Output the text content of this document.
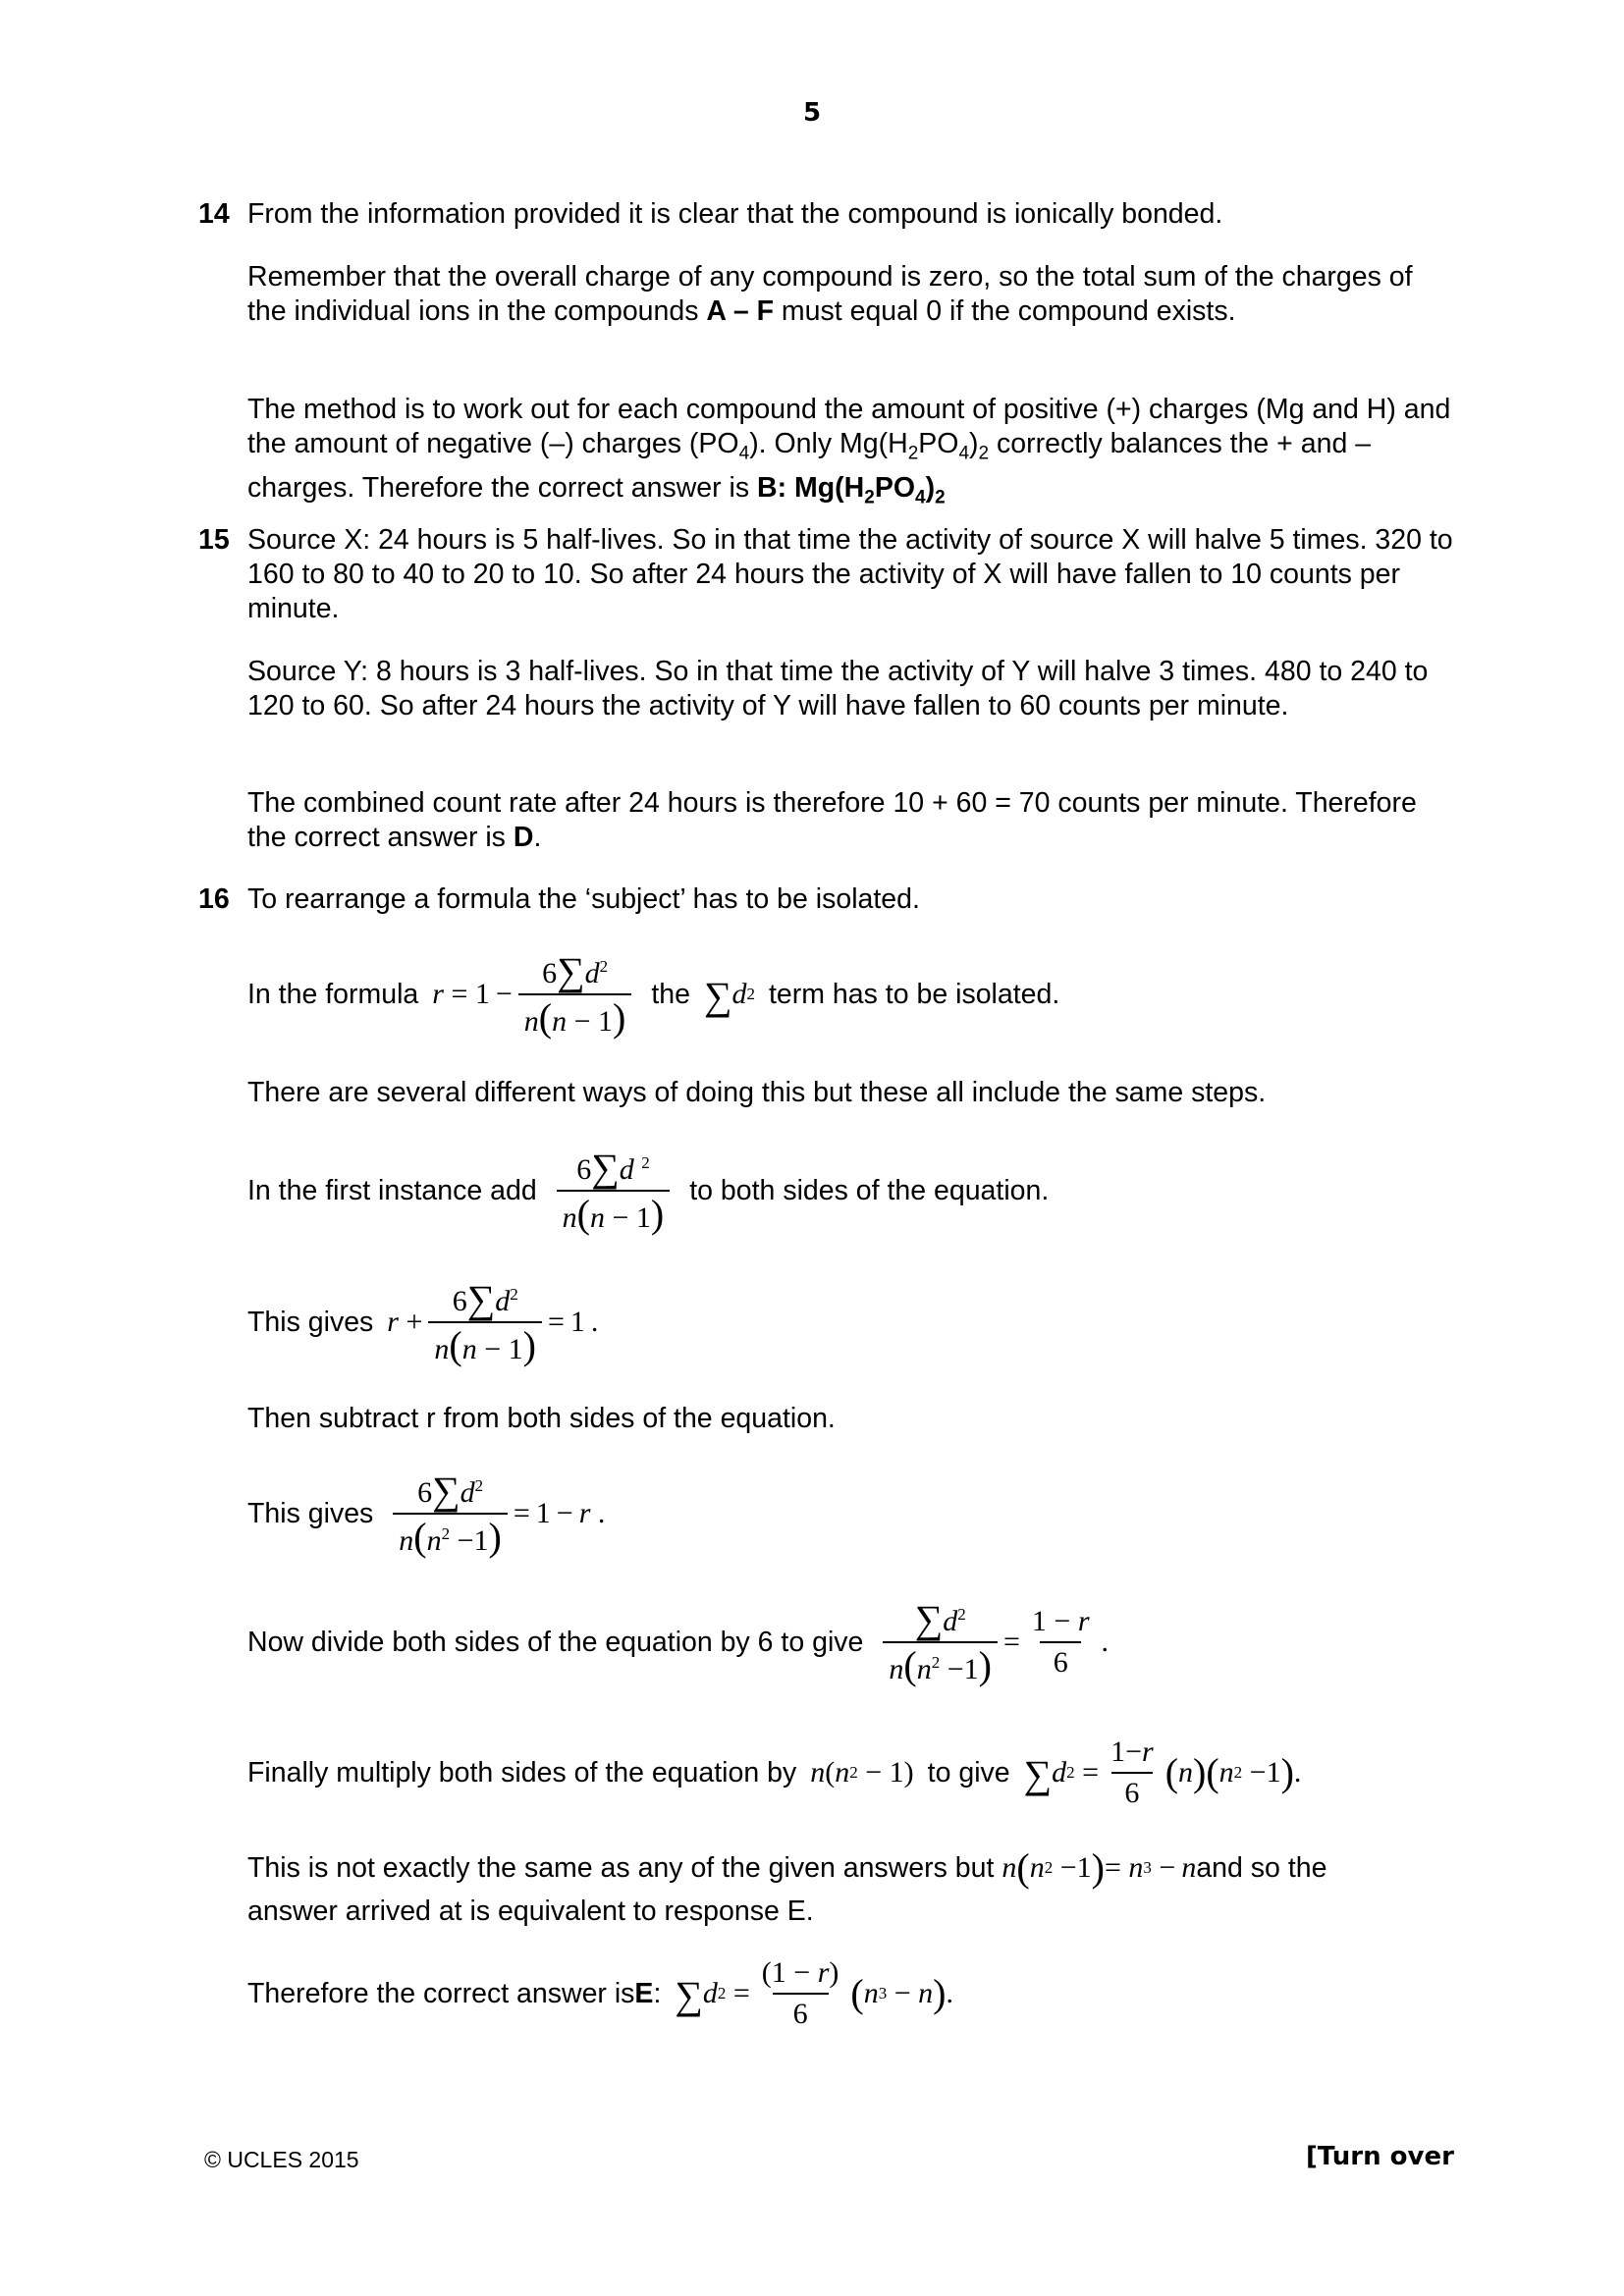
5
14 From the information provided it is clear that the compound is ionically bonded.
Remember that the overall charge of any compound is zero, so the total sum of the charges of the individual ions in the compounds A – F must equal 0 if the compound exists.
The method is to work out for each compound the amount of positive (+) charges (Mg and H) and the amount of negative (–) charges $(PO_4)$. Only $Mg(H_2PO_4)_2$ correctly balances the + and – charges. Therefore the correct answer is B: $Mg(H_2PO_4)_2$
15 Source X: 24 hours is 5 half-lives. So in that time the activity of source X will halve 5 times. 320 to 160 to 80 to 40 to 20 to 10. So after 24 hours the activity of X will have fallen to 10 counts per minute.
Source Y: 8 hours is 3 half-lives. So in that time the activity of Y will halve 3 times. 480 to 240 to 120 to 60. So after 24 hours the activity of Y will have fallen to 60 counts per minute.
The combined count rate after 24 hours is therefore 10 + 60 = 70 counts per minute. Therefore the correct answer is D.
16 To rearrange a formula the ‘subject’ has to be isolated.
In the formula $r = 1 - \frac{6\sum d^2}{n(n - 1)}$ the ∑ d 2 term has to be isolated.
There are several different ways of doing this but these all include the same steps.
In the first instance add $\frac{6\sum d ^2}{n(n - 1)}$ to both sides of the equation.
This gives $r + \frac{6\sum d^2}{n(n - 1)} = 1$ .
Then subtract r from both sides of the equation.
This gives $\frac{6\sum d^2}{n(n^2 -1)} = 1 - r$ .
Now divide both sides of the equation by 6 to give $\frac{\sum d^2}{n(n^2 -1)} = \frac{1 - r}{6}$ .
Finally multiply both sides of the equation by n ( n 2 − 1) to give ∑ d $2 = \frac{1-r}{6}$ ( n ) ( n 2 −1 ) .
This is not exactly the same as any of the given answers but n ( n 2 −1 ) = n 3 −  n and so the
answer arrived at is equivalent to response E.
Therefore the correct answer is E : ∑ d $2 = \frac{(1 - r)}{6}$ ( n 3 − n ) .
© UCLES 2015	[Turn over
